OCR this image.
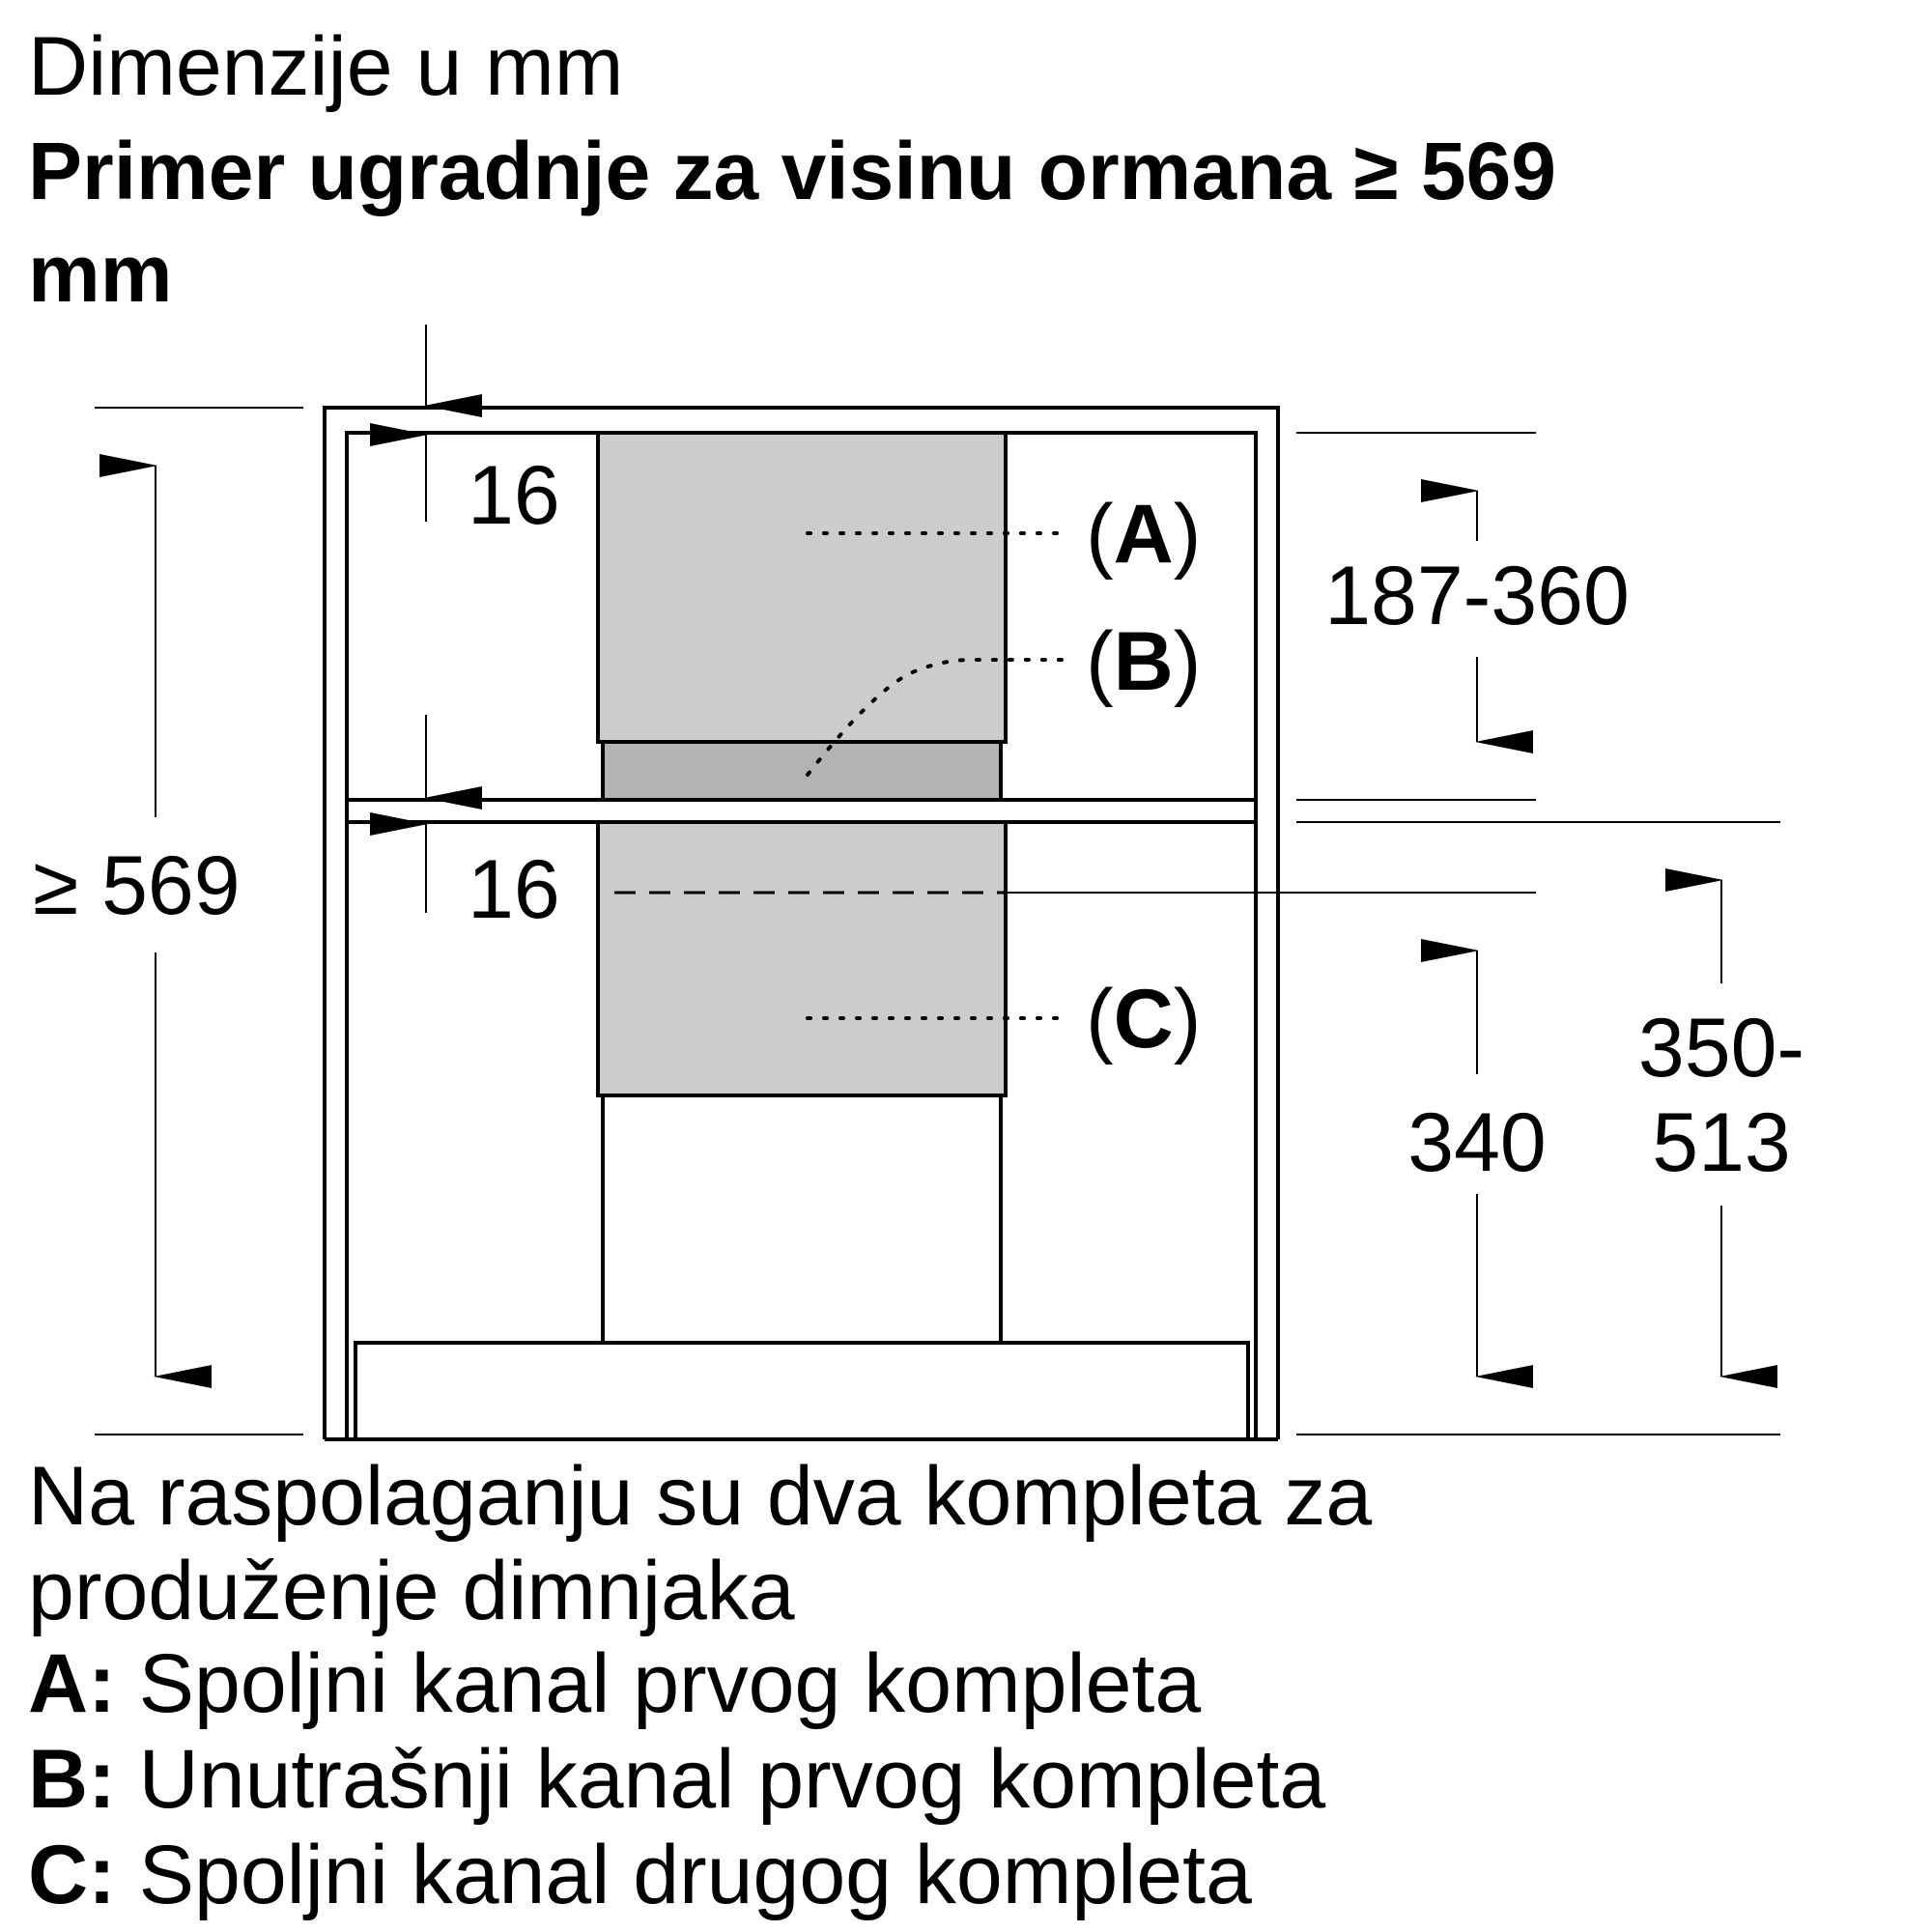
Dimenzije u mm
Primer ugradnje za visinu ormana ≥ 569
mm
(A)
(B)
(C)
≥ 569
16
16
187-360
340
350-513
Na raspolaganju su dva kompleta za
produženje dimnjaka
A: Spoljni kanal prvog kompleta
B: Unutrašnji kanal prvog kompleta
C: Spoljni kanal drugog kompleta
